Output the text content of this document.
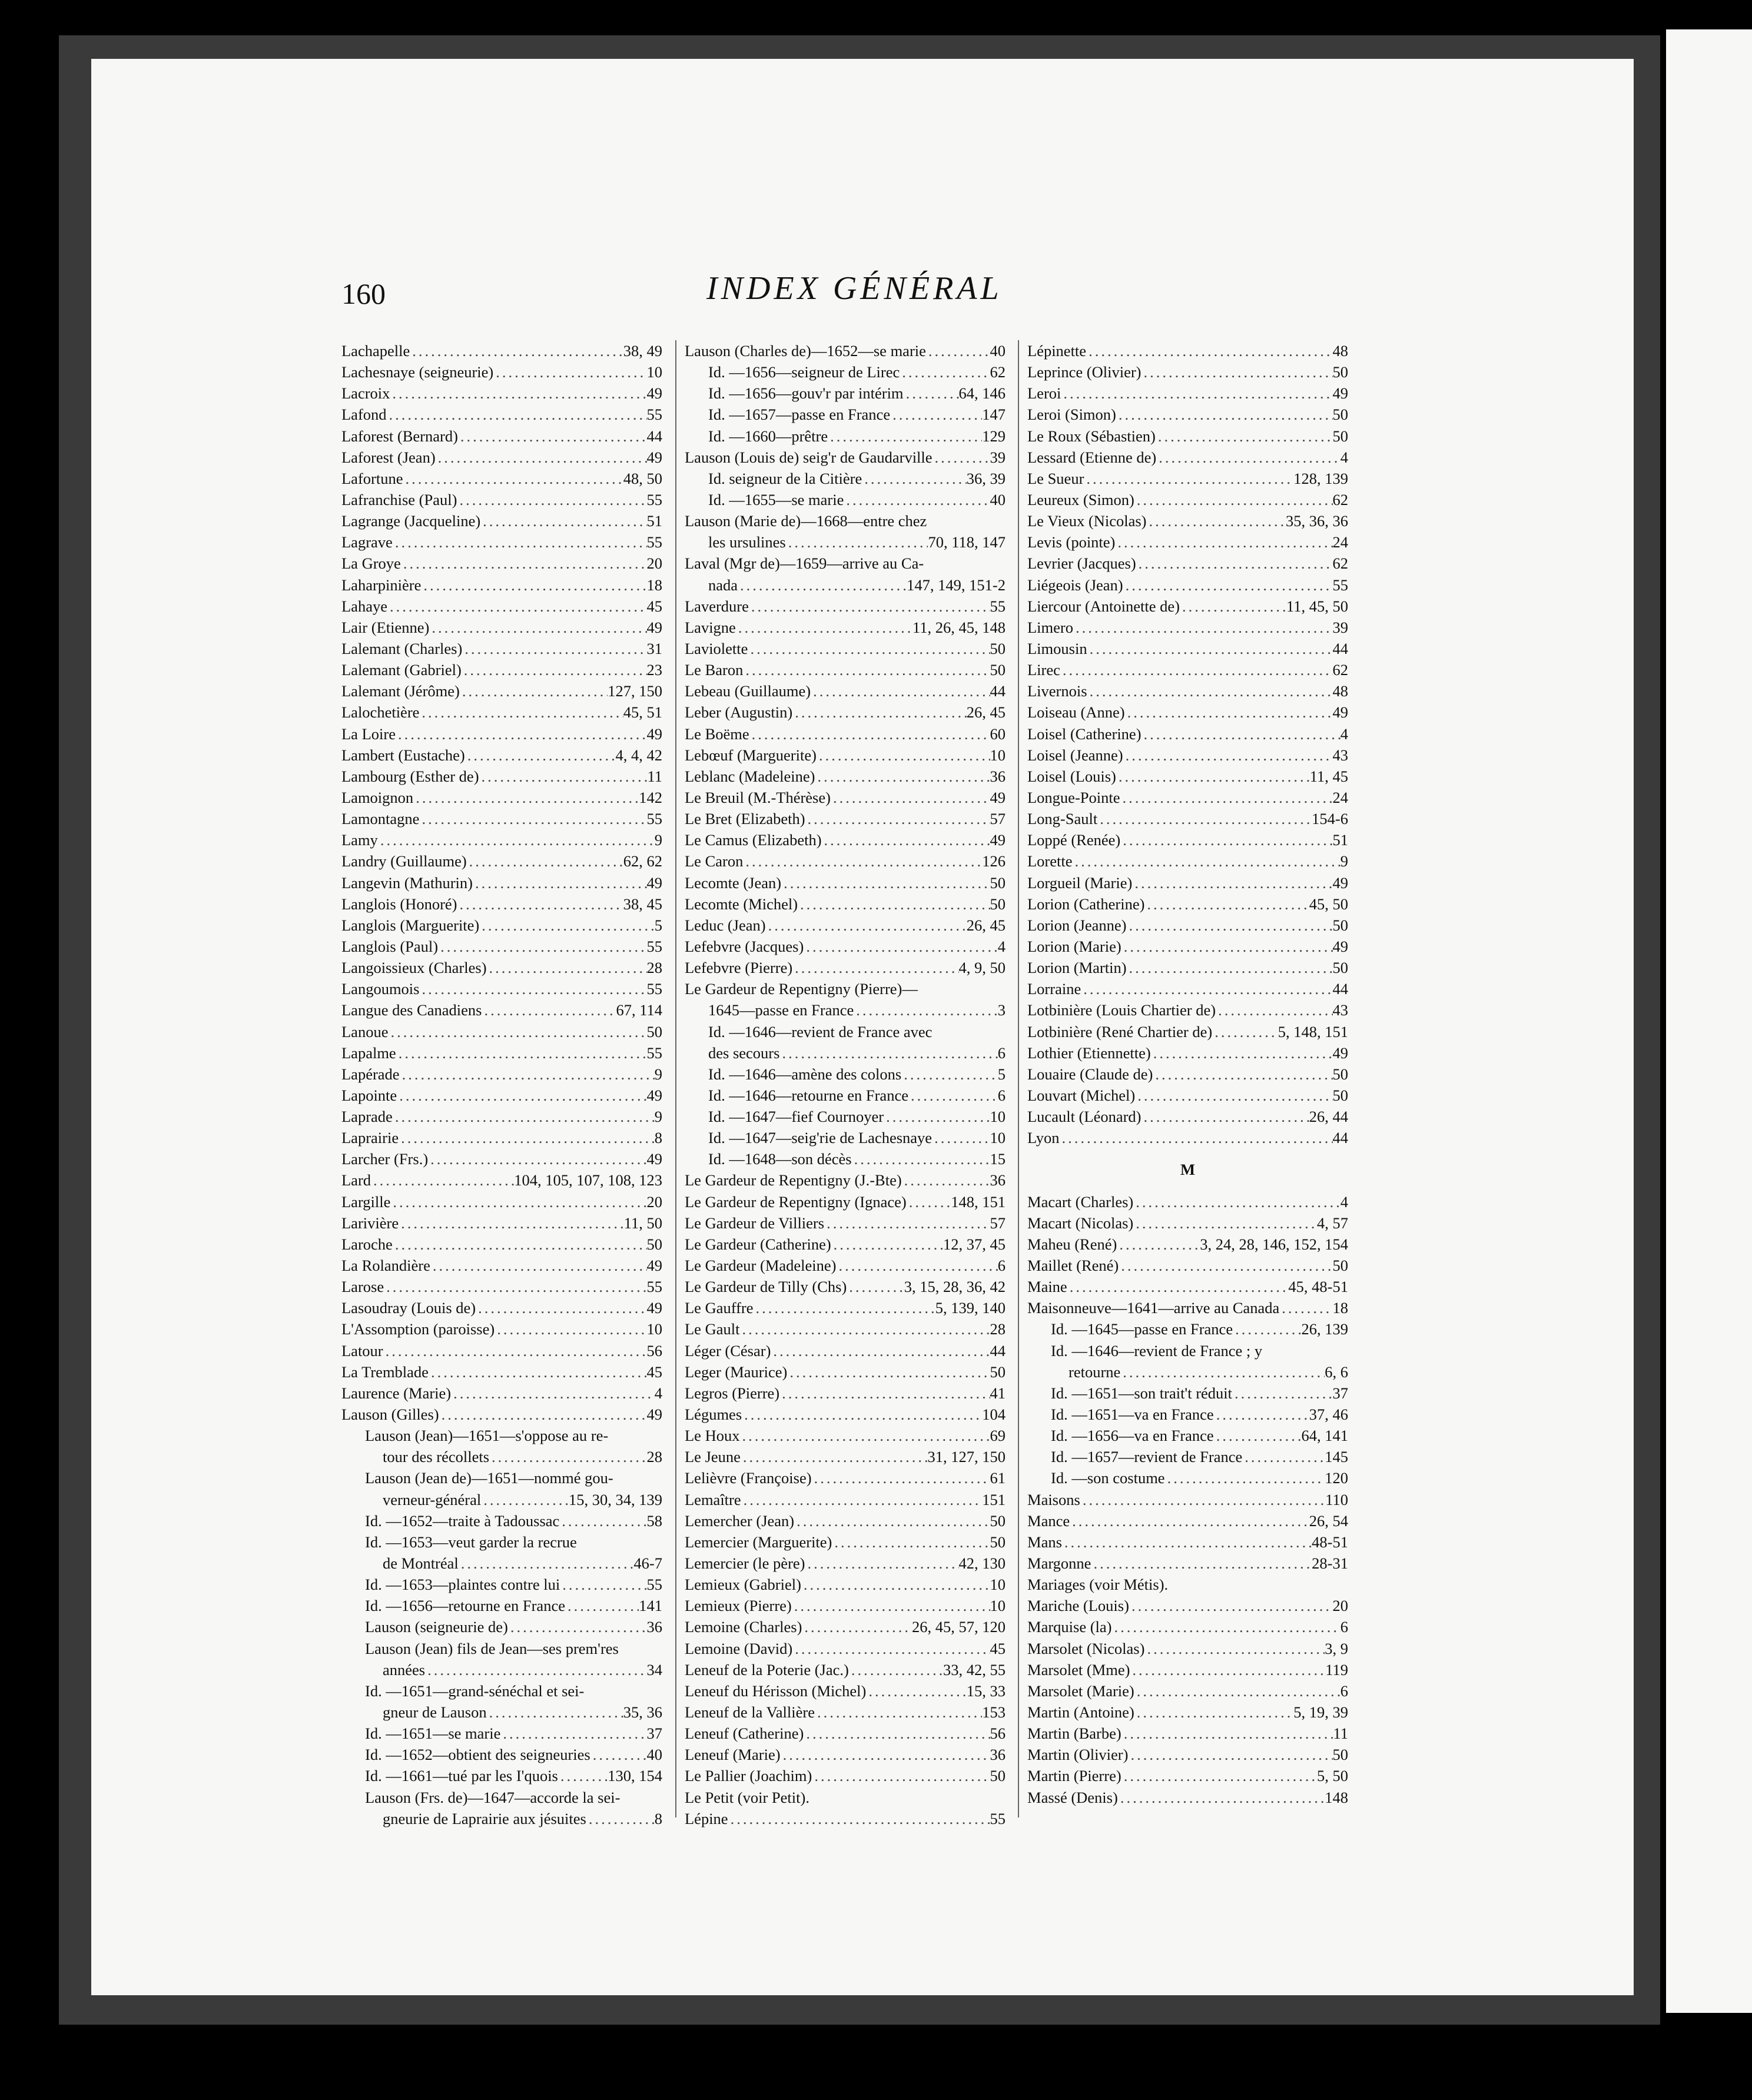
160	INDEX GÉNÉRAL
Lachapelle .....	38, 49
Lachesnaye (seigneurie) .....	10
Lacroix .....	49
Lafond .....	55
Laforest (Bernard) .....	44
Laforest (Jean) .....	49
Lafortune .....	48, 50
Lafranchise (Paul) .....	55
Lagrange (Jacqueline) .....	51
Lagrave .....	55
La Groye .....	20
Laharpinière .....	18
Lahaye .....	45
Lair (Etienne) .....	49
Lalemant (Charles) .....	31
Lalemant (Gabriel) .....	23
Lalemant (Jérôme) .....	127, 150
Lalochetière .....	45, 51
La Loire .....	49
Lambert (Eustache) .....	4, 4, 42
Lambourg (Esther de) .....	11
Lamoignon .....	142
Lamontagne .....	55
Lamy .....	9
Landry (Guillaume) .....	62, 62
Langevin (Mathurin) .....	49
Langlois (Honoré) .....	38, 45
Langlois (Marguerite) .....	5
Langlois (Paul) .....	55
Langoissieux (Charles) .....	28
Langoumois .....	55
Langue des Canadiens .....	67, 114
Lanoue .....	50
Lapalme .....	55
Lapérade .....	9
Lapointe .....	49
Laprade .....	9
Laprairie .....	8
Larcher (Frs.) .....	49
Lard .....	104, 105, 107, 108, 123
Largille .....	20
Larivière .....	11, 50
Laroche .....	50
La Rolandière .....	49
Larose .....	55
Lasoudray (Louis de) .....	49
L'Assomption (paroisse) .....	10
Latour .....	56
La Tremblade .....	45
Laurence (Marie) .....	4
Lauson (Gilles) .....	49
Lauson (Jean)—1651—s'oppose au re-
tour des récollets .....	28
Lauson (Jean de)—1651—nommé gou-
verneur-général .....	15, 30, 34, 139
Id. —1652—traite à Tadoussac .....	58
Id. —1653—veut garder la recrue
de Montréal .....	46-7
Id. —1653—plaintes contre lui .....	55
Id. —1656—retourne en France .....	141
Lauson (seigneurie de) .....	36
Lauson (Jean) fils de Jean—ses prem'res
années .....	34
Id. —1651—grand-sénéchal et sei-
gneur de Lauson .....	35, 36
Id. —1651—se marie .....	37
Id. —1652—obtient des seigneuries .....	40
Id. —1661—tué par les I'quois .....	130, 154
Lauson (Frs. de)—1647—accorde la sei-
gneurie de Laprairie aux jésuites .....	8
Lauson (Charles de)—1652—se marie .....	40
Id. —1656—seigneur de Lirec .....	62
Id. —1656—gouv'r par intérim .....	64, 146
Id. —1657—passe en France .....	147
Id. —1660—prêtre .....	129
Lauson (Louis de) seig'r de Gaudarville .....	39
Id. seigneur de la Citière .....	36, 39
Id. —1655—se marie .....	40
Lauson (Marie de)—1668—entre chez
les ursulines .....	70, 118, 147
Laval (Mgr de)—1659—arrive au Ca-
nada .....	147, 149, 151-2
Laverdure .....	55
Lavigne .....	11, 26, 45, 148
Laviolette .....	50
Le Baron .....	50
Lebeau (Guillaume) .....	44
Leber (Augustin) .....	26, 45
Le Boëme .....	60
Lebœuf (Marguerite) .....	10
Leblanc (Madeleine) .....	36
Le Breuil (M.-Thérèse) .....	49
Le Bret (Elizabeth) .....	57
Le Camus (Elizabeth) .....	49
Le Caron .....	126
Lecomte (Jean) .....	50
Lecomte (Michel) .....	50
Leduc (Jean) .....	26, 45
Lefebvre (Jacques) .....	4
Lefebvre (Pierre) .....	4, 9, 50
Le Gardeur de Repentigny (Pierre)—
1645—passe en France .....	3
Id. —1646—revient de France avec
des secours .....	6
Id. —1646—amène des colons .....	5
Id. —1646—retourne en France .....	6
Id. —1647—fief Cournoyer .....	10
Id. —1647—seig'rie de Lachesnaye .....	10
Id. —1648—son décès .....	15
Le Gardeur de Repentigny (J.-Bte) .....	36
Le Gardeur de Repentigny (Ignace) .....	148, 151
Le Gardeur de Villiers .....	57
Le Gardeur (Catherine) .....	12, 37, 45
Le Gardeur (Madeleine) .....	6
Le Gardeur de Tilly (Chs) .....	3, 15, 28, 36, 42
Le Gauffre .....	5, 139, 140
Le Gault .....	28
Léger (César) .....	44
Leger (Maurice) .....	50
Legros (Pierre) .....	41
Légumes .....	104
Le Houx .....	69
Le Jeune .....	31, 127, 150
Lelièvre (Françoise) .....	61
Lemaître .....	151
Lemercher (Jean) .....	50
Lemercier (Marguerite) .....	50
Lemercier (le père) .....	42, 130
Lemieux (Gabriel) .....	10
Lemieux (Pierre) .....	10
Lemoine (Charles) .....	26, 45, 57, 120
Lemoine (David) .....	45
Leneuf de la Poterie (Jac.) .....	33, 42, 55
Leneuf du Hérisson (Michel) .....	15, 33
Leneuf de la Vallière .....	153
Leneuf (Catherine) .....	56
Leneuf (Marie) .....	36
Le Pallier (Joachim) .....	50
Le Petit (voir Petit).
Lépine .....	55
Lépinette .....	48
Leprince (Olivier) .....	50
Leroi .....	49
Leroi (Simon) .....	50
Le Roux (Sébastien) .....	50
Lessard (Etienne de) .....	4
Le Sueur .....	128, 139
Leureux (Simon) .....	62
Le Vieux (Nicolas) .....	35, 36, 36
Levis (pointe) .....	24
Levrier (Jacques) .....	62
Liégeois (Jean) .....	55
Liercour (Antoinette de) .....	11, 45, 50
Limero .....	39
Limousin .....	44
Lirec .....	62
Livernois .....	48
Loiseau (Anne) .....	49
Loisel (Catherine) .....	4
Loisel (Jeanne) .....	43
Loisel (Louis) .....	11, 45
Longue-Pointe .....	24
Long-Sault .....	154-6
Loppé (Renée) .....	51
Lorette .....	9
Lorgueil (Marie) .....	49
Lorion (Catherine) .....	45, 50
Lorion (Jeanne) .....	50
Lorion (Marie) .....	49
Lorion (Martin) .....	50
Lorraine .....	44
Lotbinière (Louis Chartier de) .....	43
Lotbinière (René Chartier de) .....	5, 148, 151
Lothier (Etiennette) .....	49
Louaire (Claude de) .....	50
Louvart (Michel) .....	50
Lucault (Léonard) .....	26, 44
Lyon .....	44
M
Macart (Charles) .....	4
Macart (Nicolas) .....	4, 57
Maheu (René) .....	3, 24, 28, 146, 152, 154
Maillet (René) .....	50
Maine .....	45, 48-51
Maisonneuve—1641—arrive au Canada .....	18
Id. —1645—passe en France .....	26, 139
Id. —1646—revient de France ; y
retourne .....	6, 6
Id. —1651—son trait't réduit .....	37
Id. —1651—va en France .....	37, 46
Id. —1656—va en France .....	64, 141
Id. —1657—revient de France .....	145
Id. —son costume .....	120
Maisons .....	110
Mance .....	26, 54
Mans .....	48-51
Margonne .....	28-31
Mariages (voir Métis).
Mariche (Louis) .....	20
Marquise (la) .....	6
Marsolet (Nicolas) .....	3, 9
Marsolet (Mme) .....	119
Marsolet (Marie) .....	6
Martin (Antoine) .....	5, 19, 39
Martin (Barbe) .....	11
Martin (Olivier) .....	50
Martin (Pierre) .....	5, 50
Massé (Denis) .....	148
